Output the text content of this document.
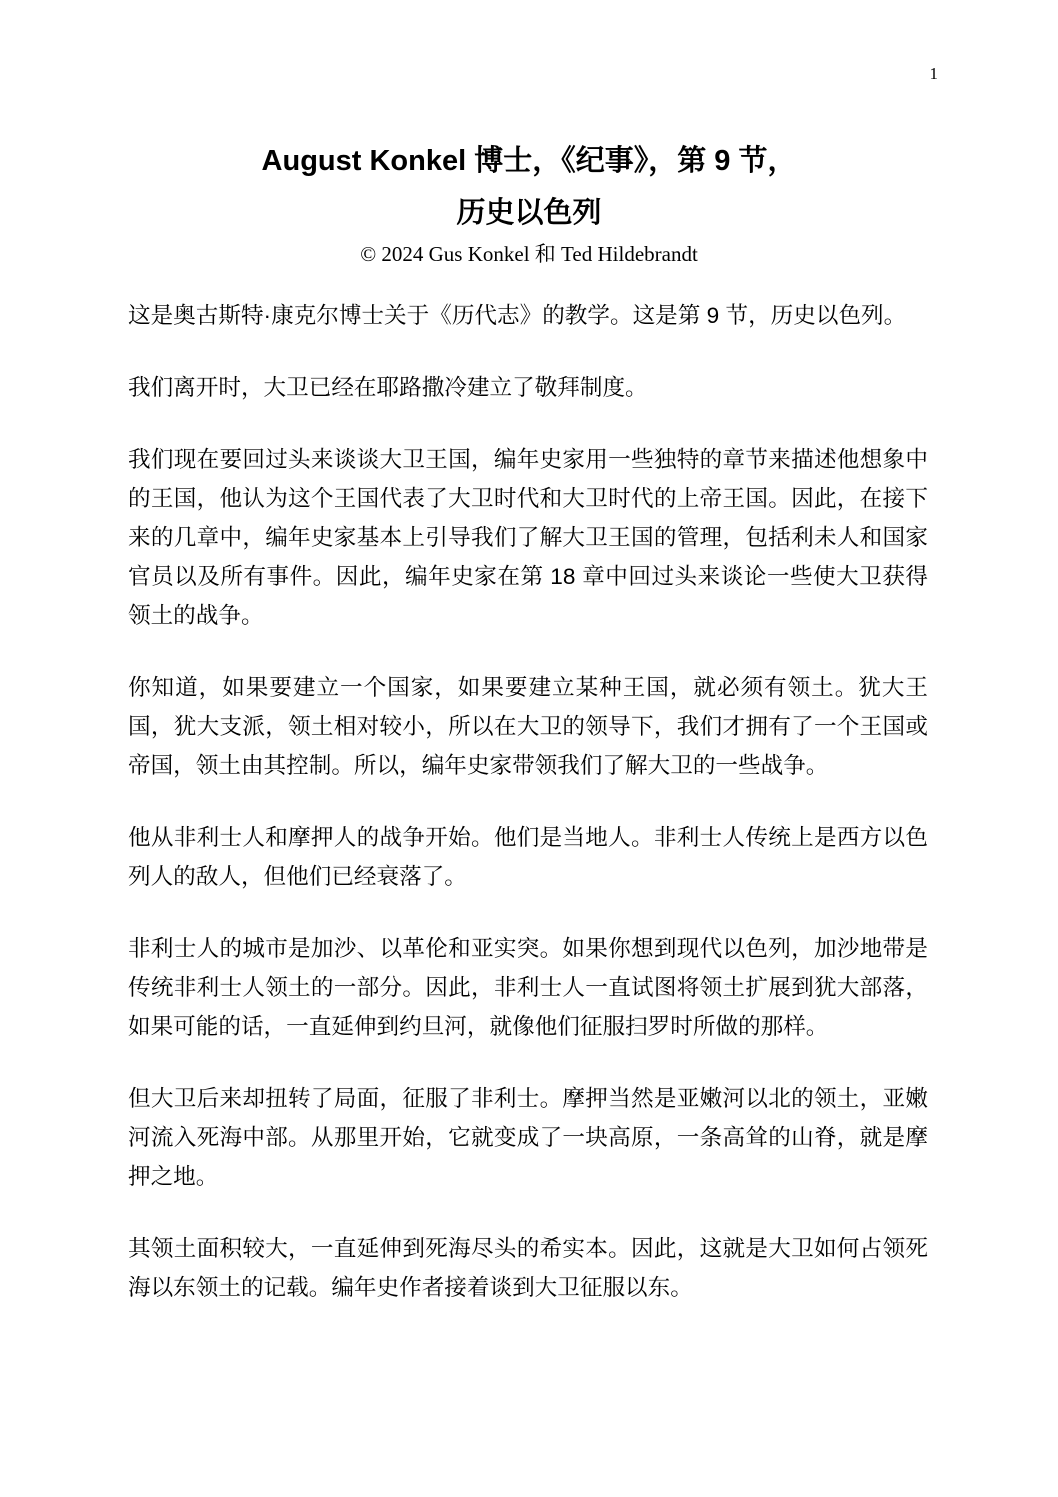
1
August Konkel 博士，《纪事》，第 9 节，
历史以色列
© 2024 Gus Konkel 和 Ted Hildebrandt

这是奥古斯特·康克尔博士关于《历代志》的教学。这是第 9 节，历史以色列。

我们离开时，大卫已经在耶路撒冷建立了敬拜制度。

我们现在要回过头来谈谈大卫王国，编年史家用一些独特的章节来描述他想象中的王国，他认为这个王国代表了大卫时代和大卫时代的上帝王国。因此，在接下来的几章中，编年史家基本上引导我们了解大卫王国的管理，包括利未人和国家官员以及所有事件。因此，编年史家在第 18 章中回过头来谈论一些使大卫获得领土的战争。

你知道，如果要建立一个国家，如果要建立某种王国，就必须有领土。犹大王国，犹大支派，领土相对较小，所以在大卫的领导下，我们才拥有了一个王国或帝国，领土由其控制。所以，编年史家带领我们了解大卫的一些战争。

他从非利士人和摩押人的战争开始。他们是当地人。非利士人传统上是西方以色列人的敌人，但他们已经衰落了。

非利士人的城市是加沙、以革伦和亚实突。如果你想到现代以色列，加沙地带是传统非利士人领土的一部分。因此，非利士人一直试图将领土扩展到犹大部落，如果可能的话，一直延伸到约旦河，就像他们征服扫罗时所做的那样。

但大卫后来却扭转了局面，征服了非利士。摩押当然是亚嫩河以北的领土，亚嫩河流入死海中部。从那里开始，它就变成了一块高原，一条高耸的山脊，就是摩押之地。

其领土面积较大，一直延伸到死海尽头的希实本。因此，这就是大卫如何占领死海以东领土的记载。编年史作者接着谈到大卫征服以东。
